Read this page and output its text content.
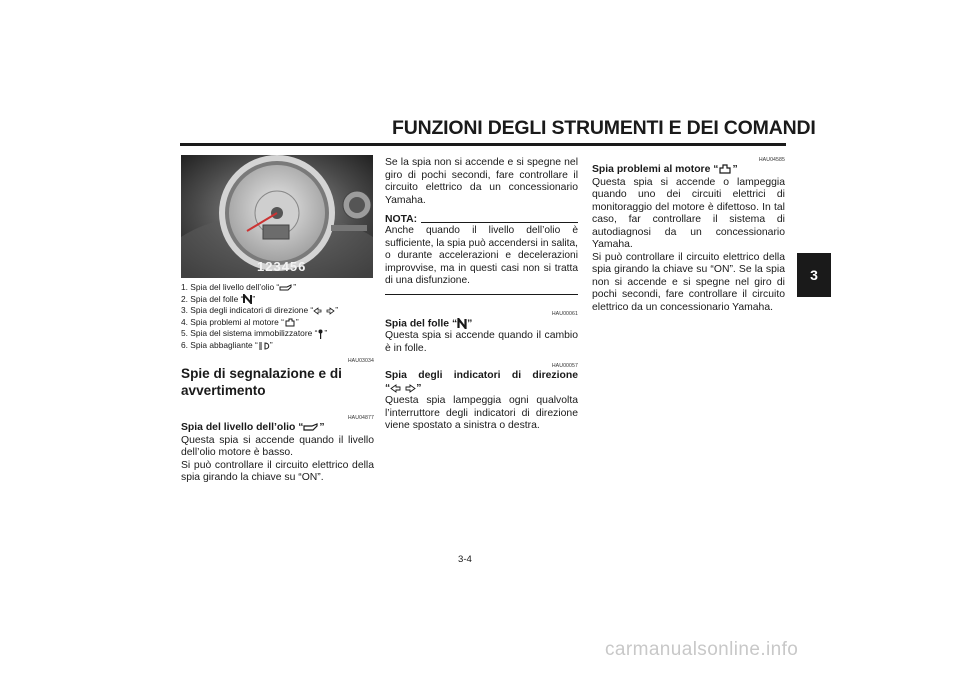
FUNZIONI DEGLI STRUMENTI E DEI COMANDI
3
123456
1. Spia del livello dell’olio “ ”
2. Spia del folle “ ”
3. Spia degli indicatori di direzione “	”
4. Spia problemi al motore “ ”
5. Spia del sistema immobilizzatore “ ”
6. Spia abbagliante “ ”
HAU03034
Spie di segnalazione e di avvertimento
HAU04877
Spia del livello dell’olio “ ”
Questa spia si accende quando il livello dell’olio motore è basso.
Si può controllare il circuito elettrico della spia girando la chiave su “ON”.
Se la spia non si accende e si spegne nel giro di pochi secondi, fare controllare il circuito elettrico da un concessionario Yamaha.
NOTA:
Anche quando il livello dell’olio è sufficiente, la spia può accendersi in salita, o durante accelerazioni e decelerazioni improvvise, ma in questi casi non si tratta di una disfunzione.
HAU00061
Spia del folle “ ”
Questa spia si accende quando il cambio è in folle.
HAU00057
Spia degli indicatori di direzione
“	”
Questa spia lampeggia ogni qualvolta l’interruttore degli indicatori di direzione viene spostato a sinistra o destra.
HAU04585
Spia problemi al motore “ ”
Questa spia si accende o lampeggia quando uno dei circuiti elettrici di monitoraggio del motore è difettoso. In tal caso, far controllare il sistema di autodiagnosi da un concessionario Yamaha.
Si può controllare il circuito elettrico della spia girando la chiave su “ON”. Se la spia non si accende e si spegne nel giro di pochi secondi, fare controllare il circuito elettrico da un concessionario Yamaha.
3-4
carmanualsonline.info
